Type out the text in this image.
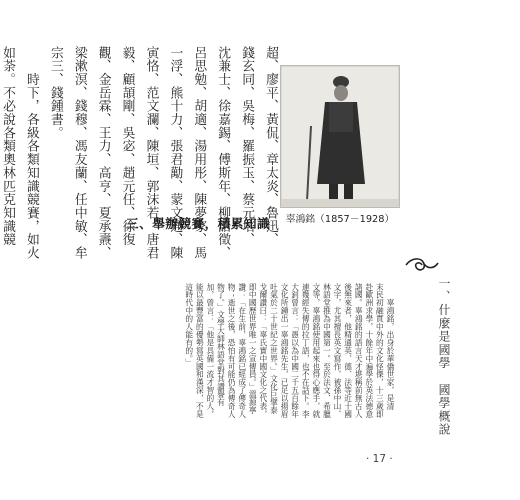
超、廖平、黃侃、章太炎、魯迅、
錢玄同、吳梅、羅振玉、蔡元培、
沈兼士、徐嘉錫、傅斯年、柳詒徵、
呂思勉、胡適、湯用彤、陳夢家、馬
一浮、熊十力、張君勱、蒙文通、陳
寅恪、范文瀾、陳垣、郭沫若、唐君
毅、顧頡剛、吳宓、趙元任、徐復
觀、金岳霖、王力、高亨、夏承燾、
梁漱溟、錢穆、馮友蘭、任中敏、牟
宗三、錢鍾書。
　　時下，各級各類知識競賽，如火
如荼。不必說各類奧林匹克知識競	三、舉辦競賽，積累知識	辜鴻銘（1857－1928）
　　辜鴻銘，出身於華僑世家，是清
末民初融貫中外的文化怪傑，十三歲即
赴歐洲求學，十餘年中遍學於英法德意
諸國。辜鴻銘的語言天才堪稱前無古人
後無來者，他精通英、德、法等近十國
文字，尤其擅長英文寫作，被孫中山、
林語堂推為中國第一。至於法文、希臘
文等，辜鴻銘使用起來也得心應手，就
連幾經失傳的拉丁語，也不在話下。李
大釗曾言：「愚以為中國二千五百餘年
文化所鍾出一辜鴻銘先生，已足以揚眉
吐氣於二十世紀之世界。」文化巨擘泰
戈爾讚曰：「辜氏實中國文化之代表，
即中國歷世界唯一之宣傳員。」溫源寧
讚：「在生前，辜鴻銘已經成了傳奇人
物；逝世之後，恐怕有可能仍為傳奇人
物了。」文學大師林語堂對其讚譽有
加，曾言：「他是具備一流才智的人，
能以最豐富的優勢寫英國和漢深，不是
這時代中的人能有的。」	一、什麼是國學　國學概說
· 17 ·
